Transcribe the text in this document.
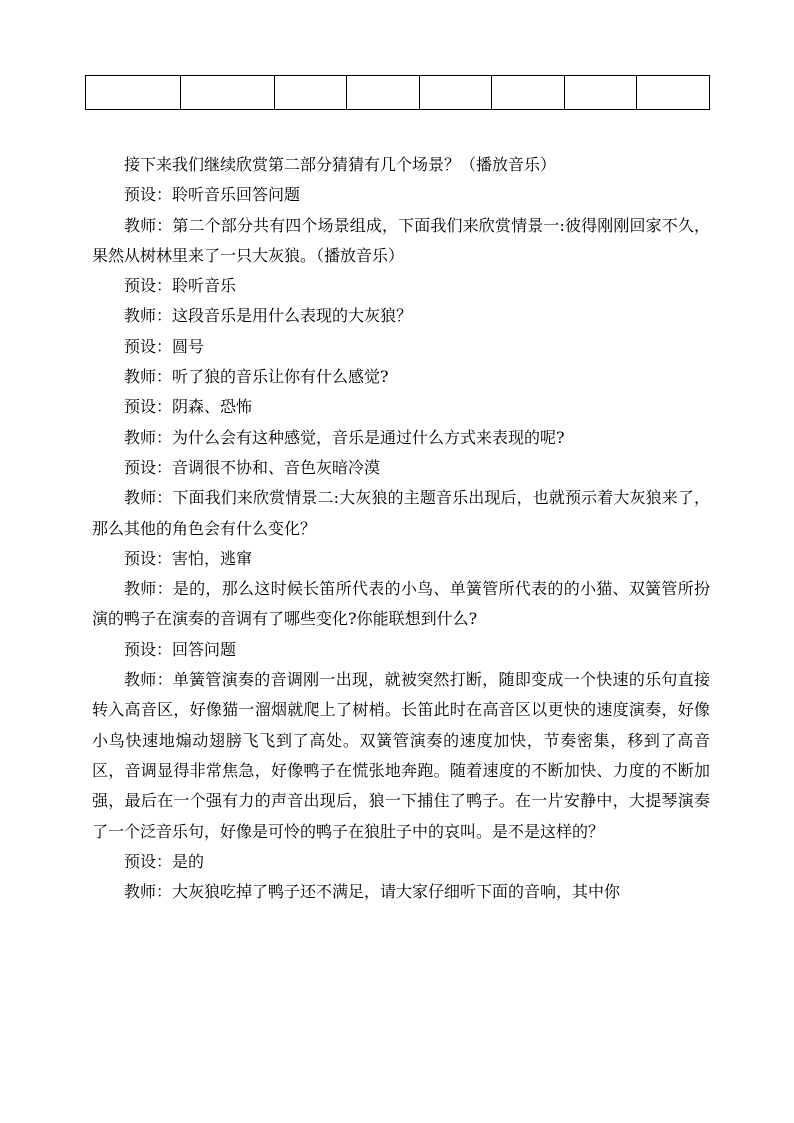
接下来我们继续欣赏第二部分猜猜有几个场景？（播放音乐）

预设：聆听音乐回答问题

教师：第二个部分共有四个场景组成，下面我们来欣赏情景一:彼得刚刚回家不久，果然从树林里来了一只大灰狼。（播放音乐）

预设：聆听音乐

教师：这段音乐是用什么表现的大灰狼？

预设：圆号

教师：听了狼的音乐让你有什么感觉?

预设：阴森、恐怖

教师：为什么会有这种感觉，音乐是通过什么方式来表现的呢?

预设：音调很不协和、音色灰暗冷漠

教师：下面我们来欣赏情景二:大灰狼的主题音乐出现后，也就预示着大灰狼来了，那么其他的角色会有什么变化？

预设：害怕，逃窜

教师：是的，那么这时候长笛所代表的小鸟、单簧管所代表的的小猫、双簧管所扮演的鸭子在演奏的音调有了哪些变化?你能联想到什么?

预设：回答问题

教师：单簧管演奏的音调刚一出现，就被突然打断，随即变成一个快速的乐句直接转入高音区，好像猫一溜烟就爬上了树梢。长笛此时在高音区以更快的速度演奏，好像小鸟快速地煽动翅膀飞飞到了高处。双簧管演奏的速度加快，节奏密集，移到了高音区，音调显得非常焦急，好像鸭子在慌张地奔跑。随着速度的不断加快、力度的不断加强，最后在一个强有力的声音出现后，狼一下捕住了鸭子。在一片安静中，大提琴演奏了一个泛音乐句，好像是可怜的鸭子在狼肚子中的哀叫。是不是这样的？

预设：是的

教师：大灰狼吃掉了鸭子还不满足，请大家仔细听下面的音响，其中你
